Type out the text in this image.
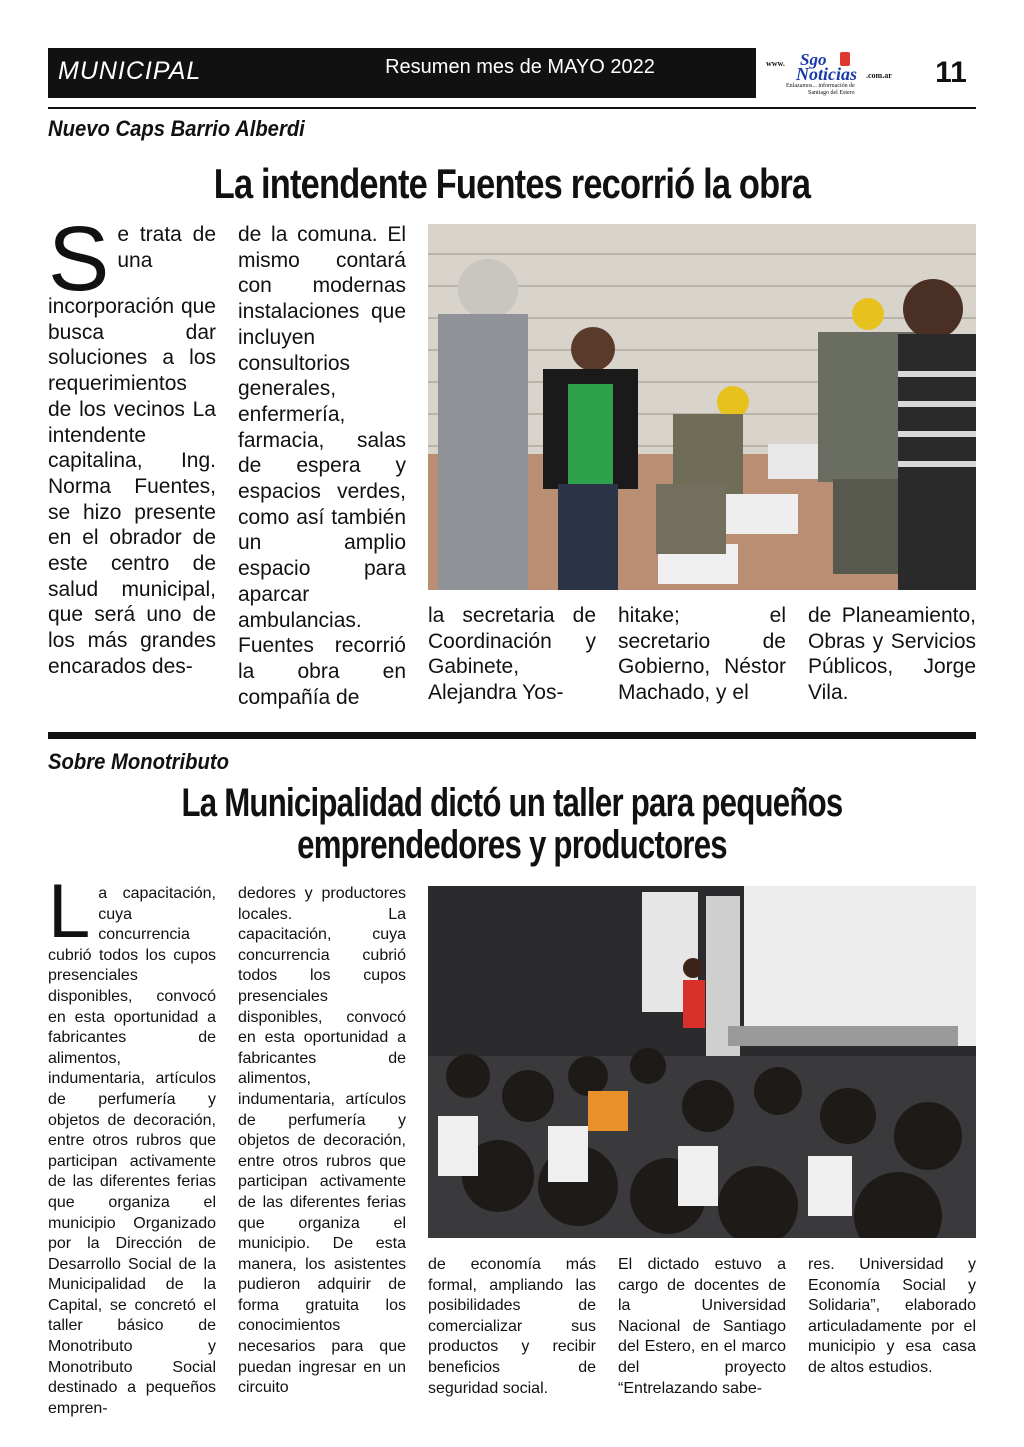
MUNICIPAL	Resumen mes de MAYO 2022	www. Sgo
Noticias .com.ar
Enlazamos... información de
Santiago del Estero
11
Nuevo Caps Barrio Alberdi
La intendente Fuentes recorrió la obra
Se trata de una incorporación que busca dar soluciones a los requerimientos de los vecinos La intendente capitalina, Ing. Norma Fuentes, se hizo presente en el obrador de este centro de salud municipal, que será uno de los más grandes encarados des-
de la comuna. El mismo contará con modernas instalaciones que incluyen consultorios generales, enfermería, farmacia, salas de espera y espacios verdes, como así también un amplio espacio para aparcar ambulancias. Fuentes recorrió la obra en compañía de
la secretaria de Coordinación y Gabinete, Alejandra Yos-
hitake; el secretario de Gobierno, Néstor Machado, y el
de Planeamiento, Obras y Servicios Públicos, Jorge Vila.
Sobre Monotributo
La Municipalidad dictó un taller para pequeños
emprendedores y productores
La capacitación, cuya concurrencia cubrió todos los cupos presenciales disponibles, convocó en esta oportunidad a fabricantes de alimentos, indumentaria, artículos de perfumería y objetos de decoración, entre otros rubros que participan activamente de las diferentes ferias que organiza el municipio Organizado por la Dirección de Desarrollo Social de la Municipalidad de la Capital, se concretó el taller básico de Monotributo y Monotributo Social destinado a pequeños empren-
dedores y productores locales. La capacitación, cuya concurrencia cubrió todos los cupos presenciales disponibles, convocó en esta oportunidad a fabricantes de alimentos, indumentaria, artículos de perfumería y objetos de decoración, entre otros rubros que participan activamente de las diferentes ferias que organiza el municipio. De esta manera, los asistentes pudieron adquirir de forma gratuita los conocimientos necesarios para que puedan ingresar en un circuito
de economía más formal, ampliando las posibilidades de comercializar sus productos y recibir beneficios de seguridad social.
El dictado estuvo a cargo de docentes de la Universidad Nacional de Santiago del Estero, en el marco del proyecto “Entrelazando sabe-
res. Universidad y Economía Social y Solidaria”, elaborado articuladamente por el municipio y esa casa de altos estudios.
